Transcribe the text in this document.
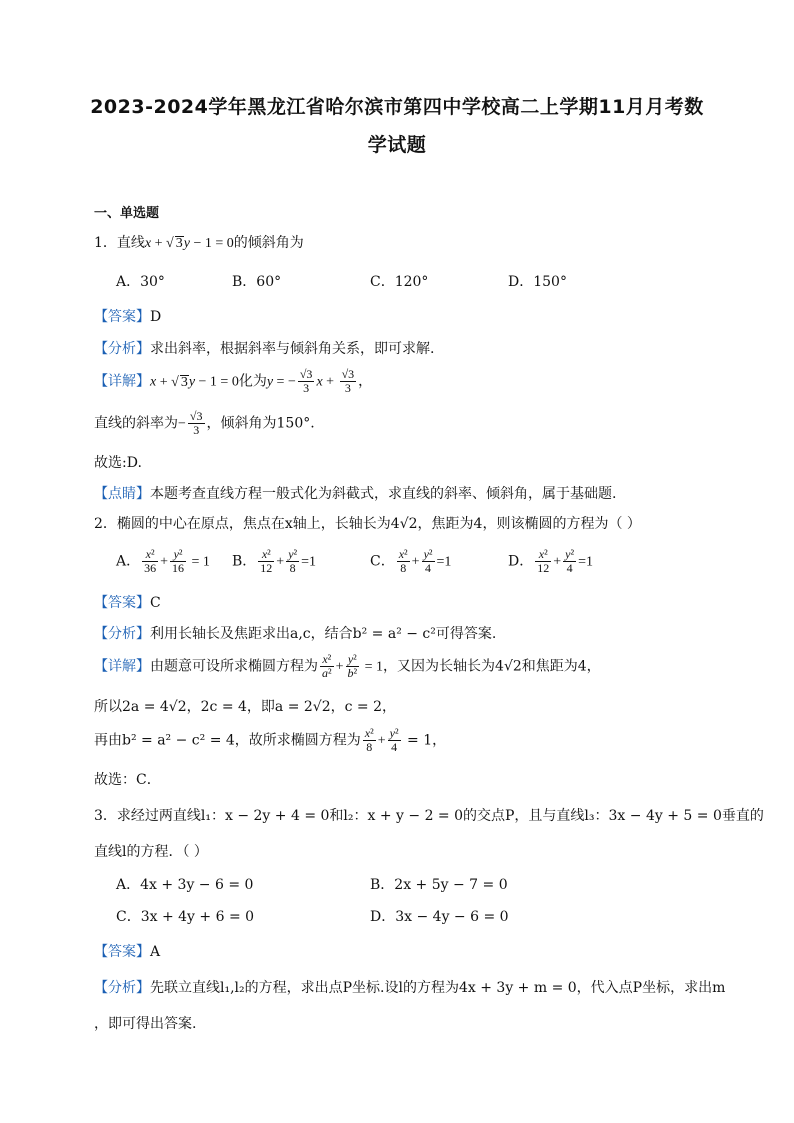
2023-2024学年黑龙江省哈尔滨市第四中学校高二上学期11月月考数
学试题
一、单选题
1．直线x + √ 3y − 1 = 0的倾斜角为
A．30°	B．60°	C．120°	D．150°
【答案】D
【分析】求出斜率，根据斜率与倾斜角关系，即可求解.
【详解】x + √ 3y − 1 = 0化为y = − $\frac{√3}{3}$ $x + \frac{√3}{3}$ ，
直线的斜率为− $\frac{√3}{3}$ ，倾斜角为150°.
故选:D.
【点睛】本题考查直线方程一般式化为斜截式，求直线的斜率、倾斜角，属于基础题.
2．椭圆的中心在原点，焦点在x轴上，长轴长为4√2，焦距为4，则该椭圆的方程为（ ）
A． $\frac{\text{x²}}{36} + \frac{\text{y²}}{16} = 1$ B． $\frac{\text{x²}}{12} + \frac{\text{y²}}{8} =1$	C． $\frac{\text{x²}}{8} + \frac{\text{y²}}{4} =1$	D． $\frac{\text{x²}}{12} + \frac{\text{y²}}{4} =1$
【答案】C
【分析】利用长轴长及焦距求出a,c，结合b² = a² − c²可得答案.
【详解】由题意可设所求椭圆方程为 $\frac{\text{x²}}{\text{a²}} + \frac{\text{y²}}{\text{b²}} = 1$，又因为长轴长为4√2和焦距为4，
所以2a = 4√2，2c = 4，即a = 2√2，c = 2，
再由b² = a² − c² = 4，故所求椭圆方程为 $\frac{\text{x²}}{8} + \frac{\text{y²}}{4} = 1$，
故选：C．
3．求经过两直线l₁：x − 2y + 4 = 0和l₂：x + y − 2 = 0的交点P，且与直线l₃：3x − 4y + 5 = 0垂直的
直线l的方程．（ ）
A．4x + 3y − 6 = 0	B．2x + 5y − 7 = 0
C．3x + 4y + 6 = 0	D．3x − 4y − 6 = 0
【答案】A
【分析】先联立直线l₁,l₂的方程，求出点P坐标.设l的方程为4x + 3y + m = 0，代入点P坐标，求出m
，即可得出答案.
